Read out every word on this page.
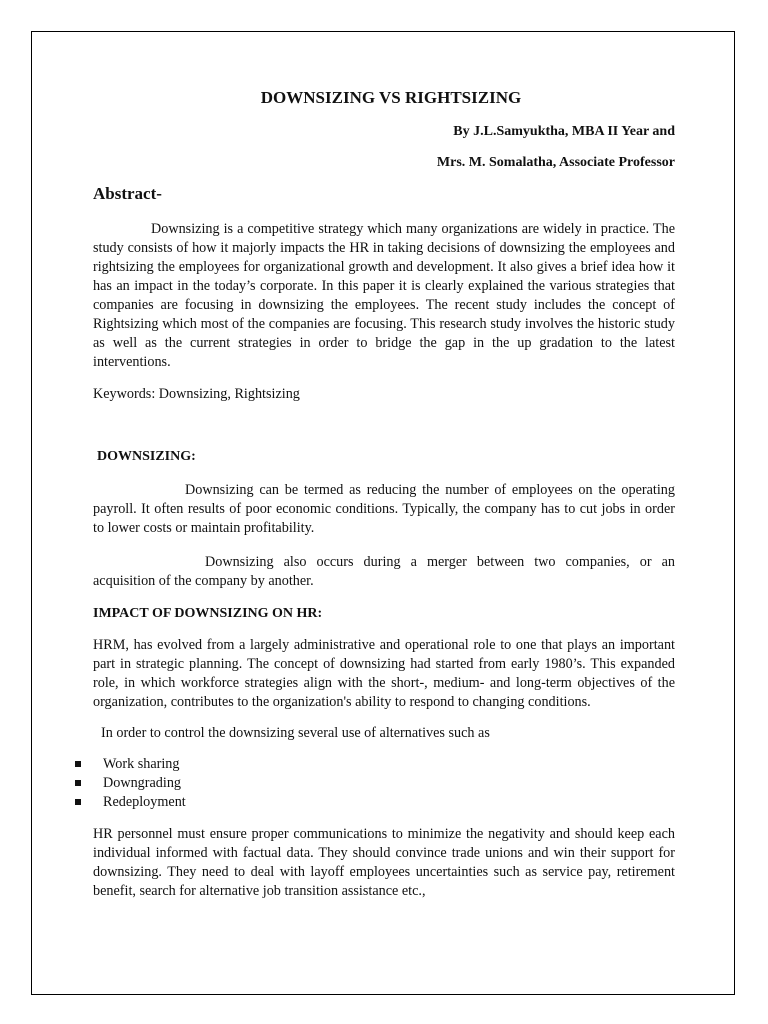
DOWNSIZING VS RIGHTSIZING

By J.L.Samyuktha, MBA II Year and

Mrs. M. Somalatha, Associate Professor

Abstract-

Downsizing is a competitive strategy which many organizations are widely in practice. The study consists of how it majorly impacts the HR in taking decisions of downsizing the employees and rightsizing the employees for organizational growth and development. It also gives a brief idea how it has an impact in the today’s corporate. In this paper it is clearly explained the various strategies that companies are focusing in downsizing the employees. The recent study includes the concept of Rightsizing which most of the companies are focusing. This research study involves the historic study as well as the current strategies in order to bridge the gap in the up gradation to the latest interventions.

Keywords: Downsizing, Rightsizing

DOWNSIZING:

Downsizing can be termed as reducing the number of employees on the operating payroll. It often results of poor economic conditions. Typically, the company has to cut jobs in order to lower costs or maintain profitability.

Downsizing also occurs during a merger between two companies, or an acquisition of the company by another.

IMPACT OF DOWNSIZING ON HR:

HRM, has evolved from a largely administrative and operational role to one that plays an important part in strategic planning. The concept of downsizing had started from early 1980’s. This expanded role, in which workforce strategies align with the short-, medium- and long-term objectives of the organization, contributes to the organization's ability to respond to changing conditions.

In order to control the downsizing several use of alternatives such as

Work sharing
Downgrading
Redeployment

HR personnel must ensure proper communications to minimize the negativity and should keep each individual informed with factual data. They should convince trade unions and win their support for downsizing. They need to deal with layoff employees uncertainties such as service pay, retirement benefit, search for alternative job transition assistance etc.,
